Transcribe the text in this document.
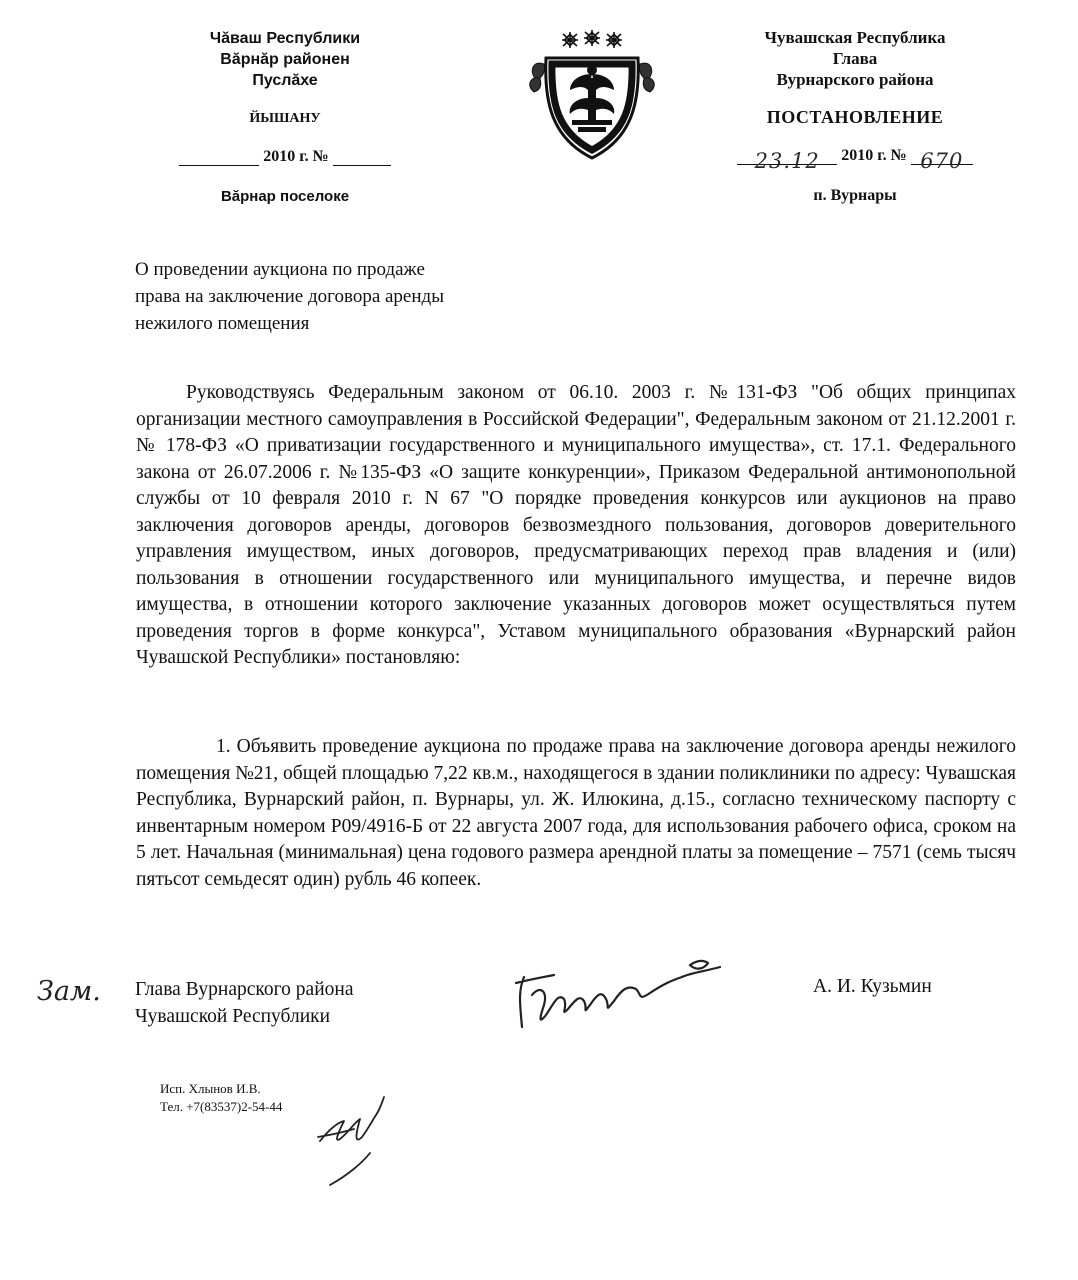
Чăваш Республики
Вăрнăр районен
Пуслăхе
ЙЫШАНУ
2010 г. №
Вăрнар поселоке
Чувашская Республика
Глава
Вурнарского района
ПОСТАНОВЛЕНИЕ
23.12	2010 г. № 670
п. Вурнары
О проведении аукциона по продаже
права на заключение договора аренды
нежилого помещения
Руководствуясь Федеральным законом от 06.10. 2003 г. №131-ФЗ "Об общих принципах организации местного самоуправления в Российской Федерации", Федеральным законом от 21.12.2001 г. № 178-ФЗ «О приватизации государственного и муниципального имущества», ст. 17.1. Федерального закона от 26.07.2006 г. №135-ФЗ «О защите конкуренции», Приказом Федеральной антимонопольной службы от 10 февраля 2010 г. N 67 "О порядке проведения конкурсов или аукционов на право заключения договоров аренды, договоров безвозмездного пользования, договоров доверительного управления имуществом, иных договоров, предусматривающих переход прав владения и (или) пользования в отношении государственного или муниципального имущества, и перечне видов имущества, в отношении которого заключение указанных договоров может осуществляться путем проведения торгов в форме конкурса", Уставом муниципального образования «Вурнарский район Чувашской Республики» постановляю:
1. Объявить проведение аукциона по продаже права на заключение договора аренды нежилого помещения №21, общей площадью 7,22 кв.м., находящегося в здании поликлиники по адресу: Чувашская Республика, Вурнарский район, п. Вурнары, ул. Ж. Илюкина, д.15., согласно техническому паспорту с инвентарным номером Р09/4916-Б от 22 августа 2007 года, для использования рабочего офиса, сроком на 5 лет. Начальная (минимальная) цена годового размера арендной платы за помещение – 7571 (семь тысяч пятьсот семьдесят один) рубль 46 копеек.
Зам. Глава Вурнарского района
Чувашской Республики
А. И. Кузьмин
Исп. Хлынов И.В.
Тел. +7(83537)2-54-44
